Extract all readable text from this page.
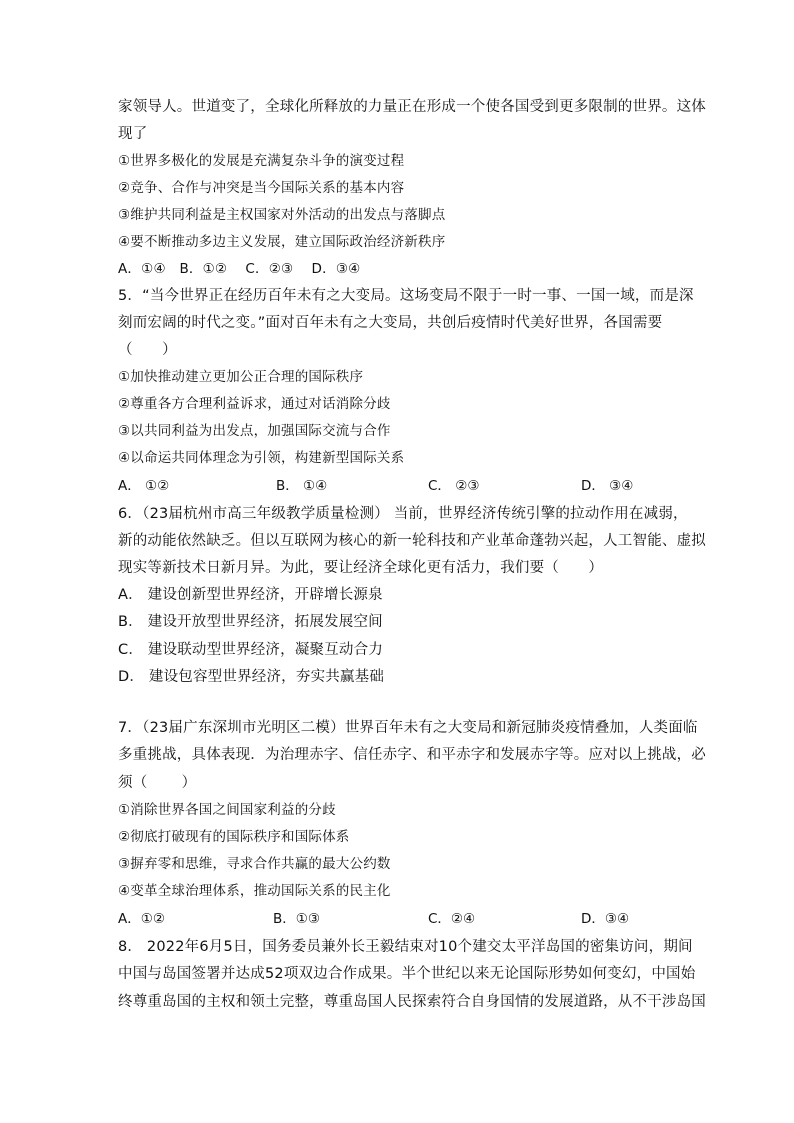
家领导人。世道变了，全球化所释放的力量正在形成一个使各国受到更多限制的世界。这体

现了

①世界多极化的发展是充满复杂斗争的演变过程

②竞争、合作与冲突是当今国际关系的基本内容

③维护共同利益是主权国家对外活动的出发点与落脚点

④要不断推动多边主义发展，建立国际政治经济新秩序

A．①④　B．①②　 C．②③　 D．③④

5．“当今世界正在经历百年未有之大变局。这场变局不限于一时一事、一国一域，而是深

刻而宏阔的时代之变。”面对百年未有之大变局，共创后疫情时代美好世界，各国需要

（　　）

①加快推动建立更加公正合理的国际秩序

②尊重各方合理利益诉求，通过对话消除分歧

③以共同利益为出发点，加强国际交流与合作

④以命运共同体理念为引领，构建新型国际关系

A． ①②	B． ①④	C． ②③	D． ③④

6．（23届杭州市高三年级教学质量检测） 当前，世界经济传统引擎的拉动作用在减弱，

新的动能依然缺乏。但以互联网为核心的新一轮科技和产业革命蓬勃兴起，人工智能、虚拟

现实等新技术日新月异。为此，要让经济全球化更有活力，我们要（　　）

A． 建设创新型世界经济，开辟增长源泉

B． 建设开放型世界经济，拓展发展空间

C． 建设联动型世界经济，凝聚互动合力

D． 建设包容型世界经济，夯实共赢基础

7．（23届广东深圳市光明区二模）世界百年未有之大变局和新冠肺炎疫情叠加，人类面临

多重挑战，具体表现．为治理赤字、信任赤字、和平赤字和发展赤字等。应对以上挑战，必

须（　　 ）

①消除世界各国之间国家利益的分歧

②彻底打破现有的国际秩序和国际体系

③摒弃零和思维，寻求合作共赢的最大公约数

④变革全球治理体系，推动国际关系的民主化

A．①②	B．①③	C．②④	D．③④

8． 2022年6月5日，国务委员兼外长王毅结束对10个建交太平洋岛国的密集访问，期间

中国与岛国签署并达成52项双边合作成果。半个世纪以来无论国际形势如何变幻，中国始

终尊重岛国的主权和领土完整，尊重岛国人民探索符合自身国情的发展道路，从不干涉岛国
